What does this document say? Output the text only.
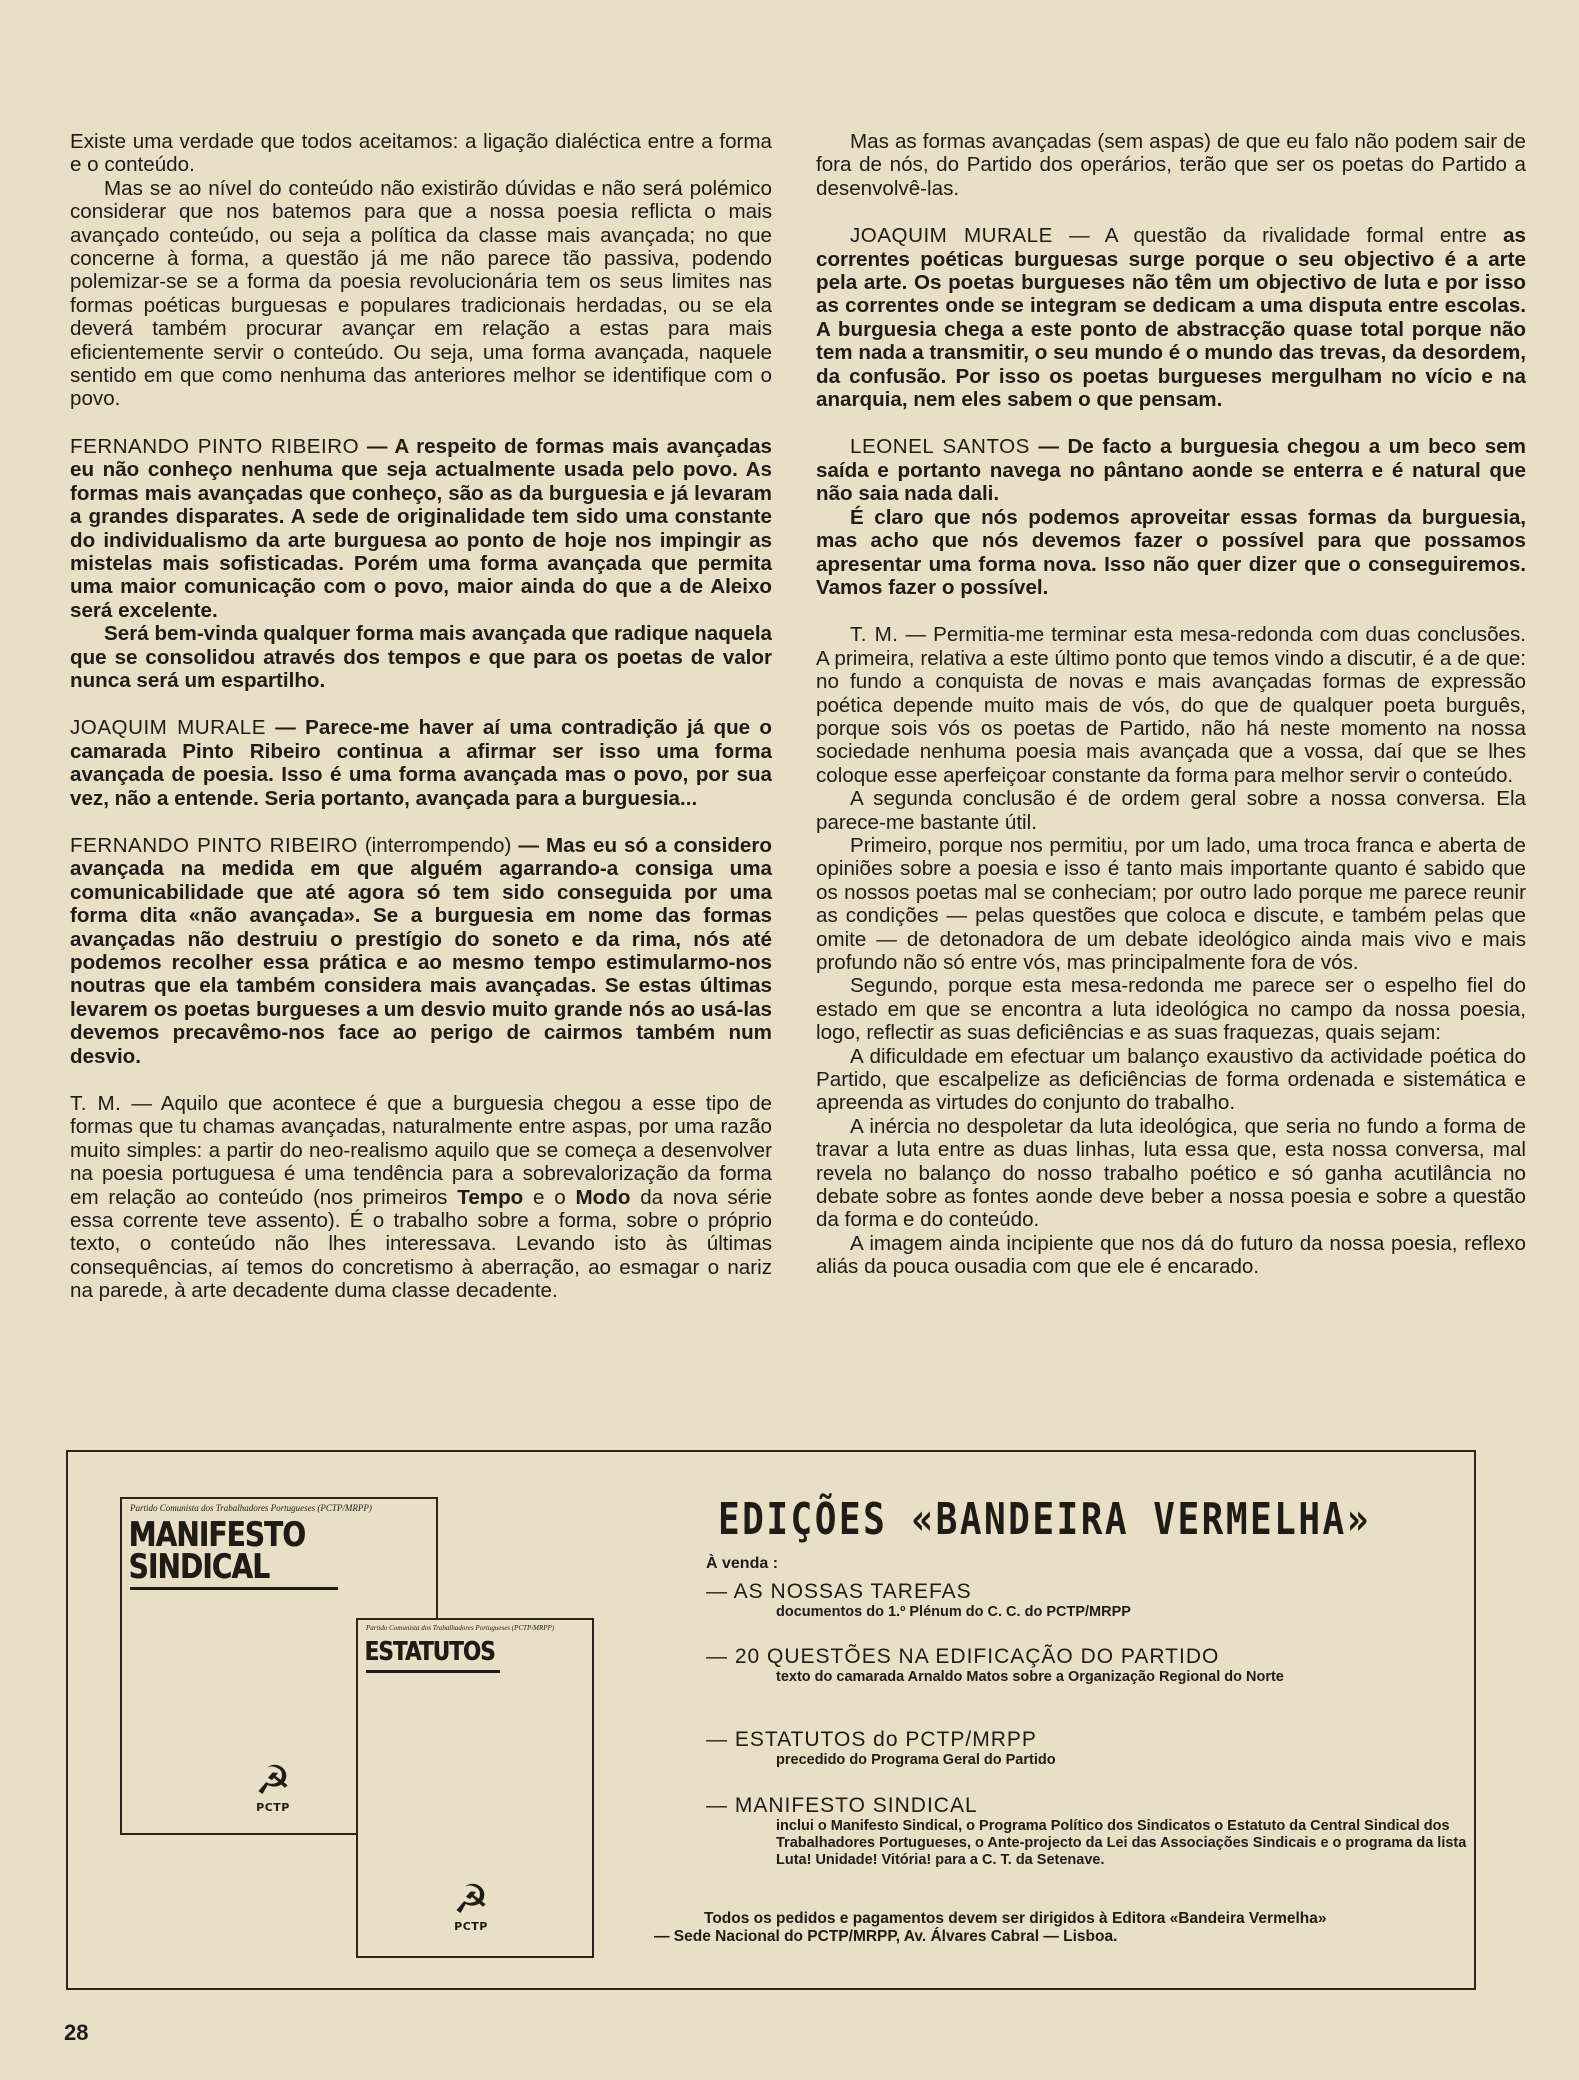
Existe uma verdade que todos aceitamos: a ligação dialéctica entre a forma e o conteúdo.

Mas se ao nível do conteúdo não existirão dúvidas e não será polémico considerar que nos batemos para que a nossa poesia reflicta o mais avançado conteúdo, ou seja a política da classe mais avançada; no que concerne à forma, a questão já me não parece tão passiva, podendo polemizar-se se a forma da poesia revolucionária tem os seus limites nas formas poéticas burguesas e populares tradicionais herdadas, ou se ela deverá também procurar avançar em relação a estas para mais eficientemente servir o conteúdo. Ou seja, uma forma avançada, naquele sentido em que como nenhuma das anteriores melhor se identifique com o povo.

FERNANDO PINTO RIBEIRO — A respeito de formas mais avançadas eu não conheço nenhuma que seja actualmente usada pelo povo. As formas mais avançadas que conheço, são as da burguesia e já levaram a grandes disparates. A sede de originalidade tem sido uma constante do individualismo da arte burguesa ao ponto de hoje nos impingir as mistelas mais sofisticadas. Porém uma forma avançada que permita uma maior comunicação com o povo, maior ainda do que a de Aleixo será excelente.

Será bem-vinda qualquer forma mais avançada que radique naquela que se consolidou através dos tempos e que para os poetas de valor nunca será um espartilho.

JOAQUIM MURALE — Parece-me haver aí uma contradição já que o camarada Pinto Ribeiro continua a afirmar ser isso uma forma avançada de poesia. Isso é uma forma avançada mas o povo, por sua vez, não a entende. Seria portanto, avançada para a burguesia...

FERNANDO PINTO RIBEIRO (interrompendo) — Mas eu só a considero avançada na medida em que alguém agarrando-a consiga uma comunicabilidade que até agora só tem sido conseguida por uma forma dita «não avançada». Se a burguesia em nome das formas avançadas não destruiu o prestígio do soneto e da rima, nós até podemos recolher essa prática e ao mesmo tempo estimularmo-nos noutras que ela também considera mais avançadas. Se estas últimas levarem os poetas burgueses a um desvio muito grande nós ao usá-las devemos precavêmo-nos face ao perigo de cairmos também num desvio.

T. M. — Aquilo que acontece é que a burguesia chegou a esse tipo de formas que tu chamas avançadas, naturalmente entre aspas, por uma razão muito simples: a partir do neo-realismo aquilo que se começa a desenvolver na poesia portuguesa é uma tendência para a sobrevalorização da forma em relação ao conteúdo (nos primeiros Tempo e o Modo da nova série essa corrente teve assento). É o trabalho sobre a forma, sobre o próprio texto, o conteúdo não lhes interessava. Levando isto às últimas consequências, aí temos do concretismo à aberração, ao esmagar o nariz na parede, à arte decadente duma classe decadente.

Mas as formas avançadas (sem aspas) de que eu falo não podem sair de fora de nós, do Partido dos operários, terão que ser os poetas do Partido a desenvolvê-las.

JOAQUIM MURALE — A questão da rivalidade formal entre as correntes poéticas burguesas surge porque o seu objectivo é a arte pela arte. Os poetas burgueses não têm um objectivo de luta e por isso as correntes onde se integram se dedicam a uma disputa entre escolas. A burguesia chega a este ponto de abstracção quase total porque não tem nada a transmitir, o seu mundo é o mundo das trevas, da desordem, da confusão. Por isso os poetas burgueses mergulham no vício e na anarquia, nem eles sabem o que pensam.

LEONEL SANTOS — De facto a burguesia chegou a um beco sem saída e portanto navega no pântano aonde se enterra e é natural que não saia nada dali.

É claro que nós podemos aproveitar essas formas da burguesia, mas acho que nós devemos fazer o possível para que possamos apresentar uma forma nova. Isso não quer dizer que o conseguiremos. Vamos fazer o possível.

T. M. — Permitia-me terminar esta mesa-redonda com duas conclusões. A primeira, relativa a este último ponto que temos vindo a discutir, é a de que: no fundo a conquista de novas e mais avançadas formas de expressão poética depende muito mais de vós, do que de qualquer poeta burguês, porque sois vós os poetas de Partido, não há neste momento na nossa sociedade nenhuma poesia mais avançada que a vossa, daí que se lhes coloque esse aperfeiçoar constante da forma para melhor servir o conteúdo.

A segunda conclusão é de ordem geral sobre a nossa conversa. Ela parece-me bastante útil.

Primeiro, porque nos permitiu, por um lado, uma troca franca e aberta de opiniões sobre a poesia e isso é tanto mais importante quanto é sabido que os nossos poetas mal se conheciam; por outro lado porque me parece reunir as condições — pelas questões que coloca e discute, e também pelas que omite — de detonadora de um debate ideológico ainda mais vivo e mais profundo não só entre vós, mas principalmente fora de vós.

Segundo, porque esta mesa-redonda me parece ser o espelho fiel do estado em que se encontra a luta ideológica no campo da nossa poesia, logo, reflectir as suas deficiências e as suas fraquezas, quais sejam:

A dificuldade em efectuar um balanço exaustivo da actividade poética do Partido, que escalpelize as deficiências de forma ordenada e sistemática e apreenda as virtudes do conjunto do trabalho.

A inércia no despoletar da luta ideológica, que seria no fundo a forma de travar a luta entre as duas linhas, luta essa que, esta nossa conversa, mal revela no balanço do nosso trabalho poético e só ganha acutilância no debate sobre as fontes aonde deve beber a nossa poesia e sobre a questão da forma e do conteúdo.

A imagem ainda incipiente que nos dá do futuro da nossa poesia, reflexo aliás da pouca ousadia com que ele é encarado.

Partido Comunista dos Trabalhadores Portugueses (PCTP/MRPP)
MANIFESTO
SINDICAL
☭
PCTP
Partido Comunista dos Trabalhadores Portugueses (PCTP/MRPP)
ESTATUTOS
☭
PCTP
EDIÇÕES «BANDEIRA VERMELHA»
À venda :
— AS NOSSAS TAREFAS
documentos do 1.º Plénum do C. C. do PCTP/MRPP
— 20 QUESTÕES NA EDIFICAÇÃO DO PARTIDO
texto do camarada Arnaldo Matos sobre a Organização Regional do Norte
— ESTATUTOS do PCTP/MRPP
precedido do Programa Geral do Partido
— MANIFESTO SINDICAL
inclui o Manifesto Sindical, o Programa Político dos Sindicatos o Estatuto da Central Sindical dos Trabalhadores Portugueses, o Ante-projecto da Lei das Associações Sindicais e o programa da lista Luta! Unidade! Vitória! para a C. T. da Setenave.
Todos os pedidos e pagamentos devem ser dirigidos à Editora «Bandeira Vermelha»
— Sede Nacional do PCTP/MRPP, Av. Álvares Cabral — Lisboa.
28
